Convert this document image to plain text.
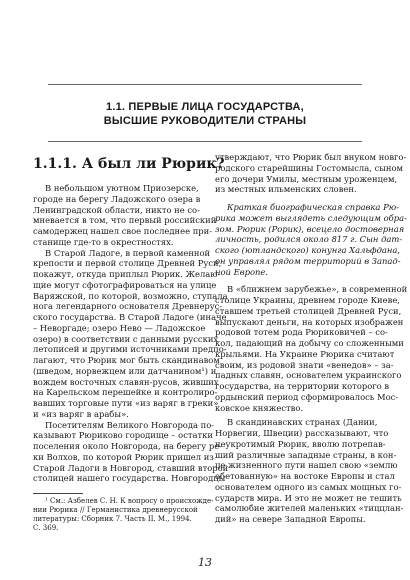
1.1. ПЕРВЫЕ ЛИЦА ГОСУДАРСТВА,
ВЫСШИЕ РУКОВОДИТЕЛИ СТРАНЫ
1.1.1. А был ли Рюрик?
В небольшом уютном Приозерске,
городе на берегу Ладожского озера в
Ленинградской области, никто не со-
мневается в том, что первый российский
самодержец нашел свое последнее при-
станище где-то в окрестностях.
В Старой Ладоге, в первой каменной
крепости и первой столице Древней Руси,
покажут, откуда приплыл Рюрик. Желаю-
щие могут сфотографироваться на улице
Варяжской, по которой, возможно, ступала
нога легендарного основателя Древнерус-
ского государства. В Старой Ладоге (иначе
– Неворгаде; озеро Нево — Ладожское
озеро) в соответствии с данными русских
летописей и другими источниками предпо-
лагают, что Рюрик мог быть скандинавом
(шведом, норвежцем или датчанином¹) и
вождем восточных славян-русов, живших
на Карельском перешейке и контролиро-
вавших торговые пути «из варяг в греки»
и «из варяг в арабы».
Посетителям Великого Новгорода по-
казывают Рюриково городище – остатки
поселения около Новгорода, на берегу ре-
ки Волхов, по которой Рюрик пришел из
Старой Ладоги в Новгород, ставший второй
столицей нашего государства. Новгородцы
утверждают, что Рюрик был внуком новго-
родского старейшины Гостомысла, сыном
его дочери Умилы, местным уроженцем,
из местных ильменских словен.
Краткая биографическая справка Рю-
рика может выглядеть следующим обра-
зом. Рюрик (Рорик), всецело достоверная
личность, родился около 817 г. Сын дат-
ского (ютландского) конунга Хальфдана,
он управлял рядом территорий в Запад-
ной Европе.
В «ближнем зарубежье», в современной
столице Украины, древнем городе Киеве,
ставшем третьей столицей Древней Руси,
выпускают деньги, на которых изображен
родовой тотем рода Рюриковичей – со-
кол, падающий на добычу со сложенными
крыльями. На Украине Рюрика считают
своим, из родовой знати «венедов» – за-
падных славян, основателем украинского
государства, на территории которого в
ордынский период сформировалось Мос-
ковское княжество.
В скандинавских странах (Дании,
Норвегии, Швеции) рассказывают, что
неукротимый Рюрик, вволю потрепав-
ший различные западные страны, в кон-
це жизненного пути нашел свою «землю
обетованную» на востоке Европы и стал
основателем одного из самых мощных го-
сударств мира. И это не может не тешить
самолюбие жителей маленьких «тиццлан-
дий» на севере Западной Европы.
¹ См.: Азбелев С. Н. К вопросу о происхожде-
нии Рюрика // Германистика древнерусской
литературы: Сборник 7. Часть II. М., 1994.
С. 369.
13
